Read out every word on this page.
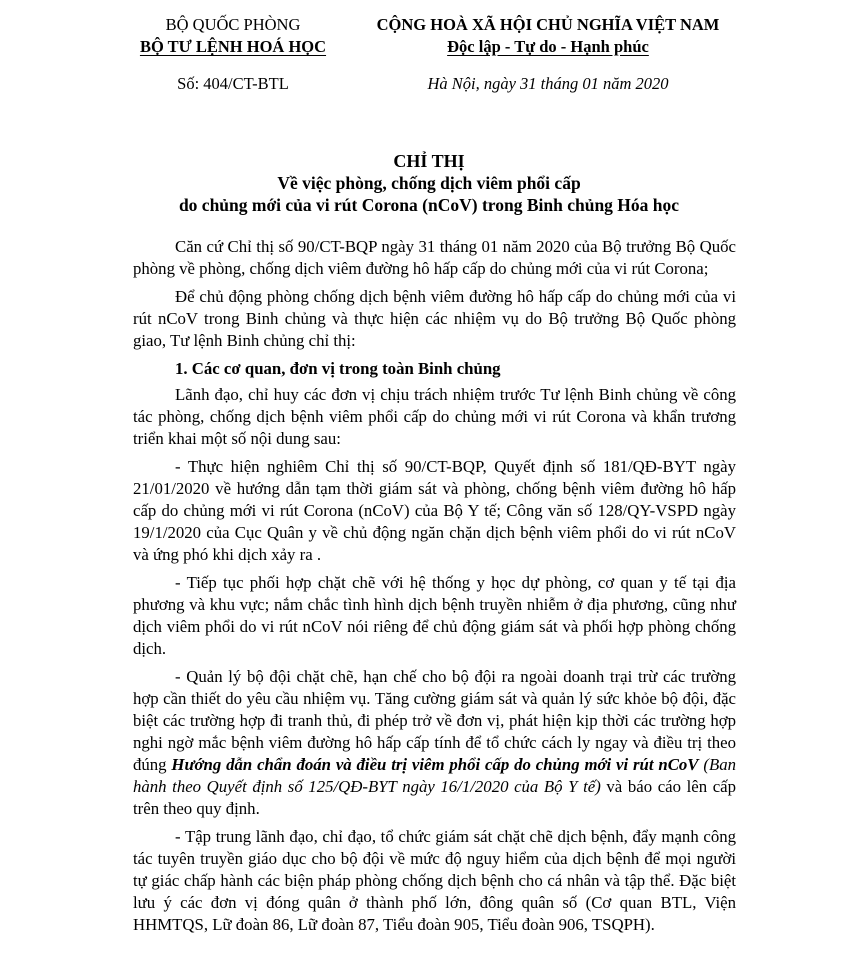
BỘ QUỐC PHÒNG
BỘ TƯ LỆNH HOÁ HỌC
CỘNG HOÀ XÃ HỘI CHỦ NGHĨA VIỆT NAM
Độc lập - Tự do - Hạnh phúc
Số: 404/CT-BTL	Hà Nội, ngày 31 tháng 01 năm 2020
CHỈ THỊ
Về việc phòng, chống dịch viêm phổi cấp
do chủng mới của vi rút Corona (nCoV) trong Binh chủng Hóa học

Căn cứ Chỉ thị số 90/CT-BQP ngày 31 tháng 01 năm 2020 của Bộ trưởng Bộ Quốc phòng về phòng, chống dịch viêm đường hô hấp cấp do chủng mới của vi rút Corona;

Để chủ động phòng chống dịch bệnh viêm đường hô hấp cấp do chủng mới của vi rút nCoV trong Binh chủng và thực hiện các nhiệm vụ do Bộ trưởng Bộ Quốc phòng giao, Tư lệnh Binh chủng chỉ thị:

1. Các cơ quan, đơn vị trong toàn Binh chủng

Lãnh đạo, chỉ huy các đơn vị chịu trách nhiệm trước Tư lệnh Binh chủng về công tác phòng, chống dịch bệnh viêm phổi cấp do chủng mới vi rút Corona và khẩn trương triển khai một số nội dung sau:

- Thực hiện nghiêm Chỉ thị số 90/CT-BQP, Quyết định số 181/QĐ-BYT ngày 21/01/2020 về hướng dẫn tạm thời giám sát và phòng, chống bệnh viêm đường hô hấp cấp do chủng mới vi rút Corona (nCoV) của Bộ Y tế; Công văn số 128/QY-VSPD ngày 19/1/2020 của Cục Quân y về chủ động ngăn chặn dịch bệnh viêm phổi do vi rút nCoV và ứng phó khi dịch xảy ra .

- Tiếp tục phối hợp chặt chẽ với hệ thống y học dự phòng, cơ quan y tế tại địa phương và khu vực; nắm chắc tình hình dịch bệnh truyền nhiễm ở địa phương, cũng như dịch viêm phổi do vi rút nCoV nói riêng để chủ động giám sát và phối hợp phòng chống dịch.

- Quản lý bộ đội chặt chẽ, hạn chế cho bộ đội ra ngoài doanh trại trừ các trường hợp cần thiết do yêu cầu nhiệm vụ. Tăng cường giám sát và quản lý sức khỏe bộ đội, đặc biệt các trường hợp đi tranh thủ, đi phép trở về đơn vị, phát hiện kịp thời các trường hợp nghi ngờ mắc bệnh viêm đường hô hấp cấp tính để tổ chức cách ly ngay và điều trị theo đúng Hướng dẫn chẩn đoán và điều trị viêm phổi cấp do chủng mới vi rút nCoV (Ban hành theo Quyết định số 125/QĐ-BYT ngày 16/1/2020 của Bộ Y tế) và báo cáo lên cấp trên theo quy định.

- Tập trung lãnh đạo, chỉ đạo, tổ chức giám sát chặt chẽ dịch bệnh, đẩy mạnh công tác tuyên truyền giáo dục cho bộ đội về mức độ nguy hiểm của dịch bệnh để mọi người tự giác chấp hành các biện pháp phòng chống dịch bệnh cho cá nhân và tập thể. Đặc biệt lưu ý các đơn vị đóng quân ở thành phố lớn, đông quân số (Cơ quan BTL, Viện HHMTQS, Lữ đoàn 86, Lữ đoàn 87, Tiểu đoàn 905, Tiểu đoàn 906, TSQPH).
